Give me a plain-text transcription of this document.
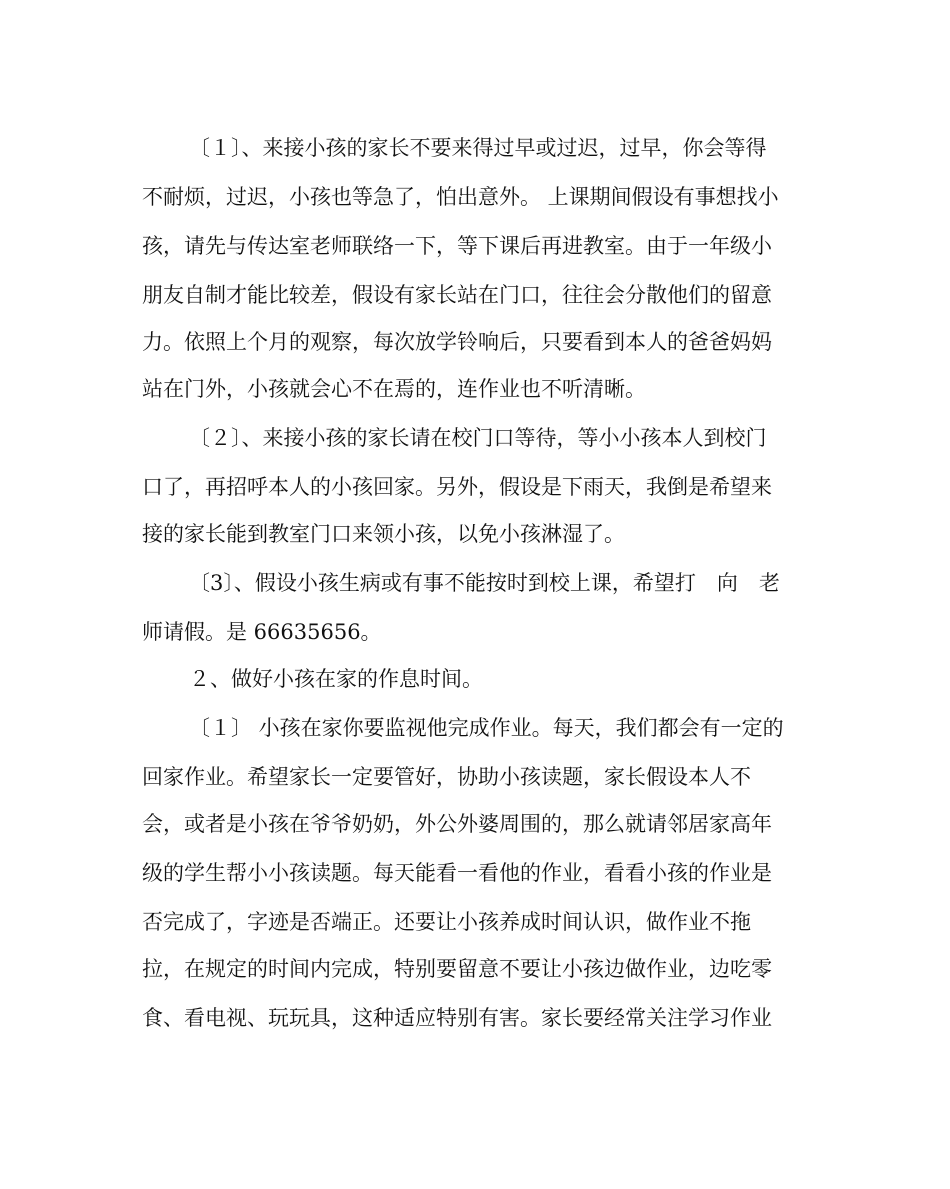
〔１〕、来接小孩的家长不要来得过早或过迟，过早，你会等得
不耐烦，过迟，小孩也等急了，怕出意外。 上课期间假设有事想找小
孩，请先与传达室老师联络一下，等下课后再进教室。由于一年级小
朋友自制才能比较差，假设有家长站在门口，往往会分散他们的留意
力。依照上个月的观察，每次放学铃响后，只要看到本人的爸爸妈妈
站在门外，小孩就会心不在焉的，连作业也不听清晰。
〔２〕、来接小孩的家长请在校门口等待，等小小孩本人到校门
口了，再招呼本人的小孩回家。另外，假设是下雨天，我倒是希望来
接的家长能到教室门口来领小孩，以免小孩淋湿了。
〔3〕、假设小孩生病或有事不能按时到校上课，希望打　向　老
师请假。是 66635656。
２、做好小孩在家的作息时间。
〔１〕 小孩在家你要监视他完成作业。每天，我们都会有一定的
回家作业。希望家长一定要管好，协助小孩读题，家长假设本人不
会，或者是小孩在爷爷奶奶，外公外婆周围的，那么就请邻居家高年
级的学生帮小小孩读题。每天能看一看他的作业，看看小孩的作业是
否完成了，字迹是否端正。还要让小孩养成时间认识，做作业不拖
拉，在规定的时间内完成，特别要留意不要让小孩边做作业，边吃零
食、看电视、玩玩具，这种适应特别有害。家长要经常关注学习作业
